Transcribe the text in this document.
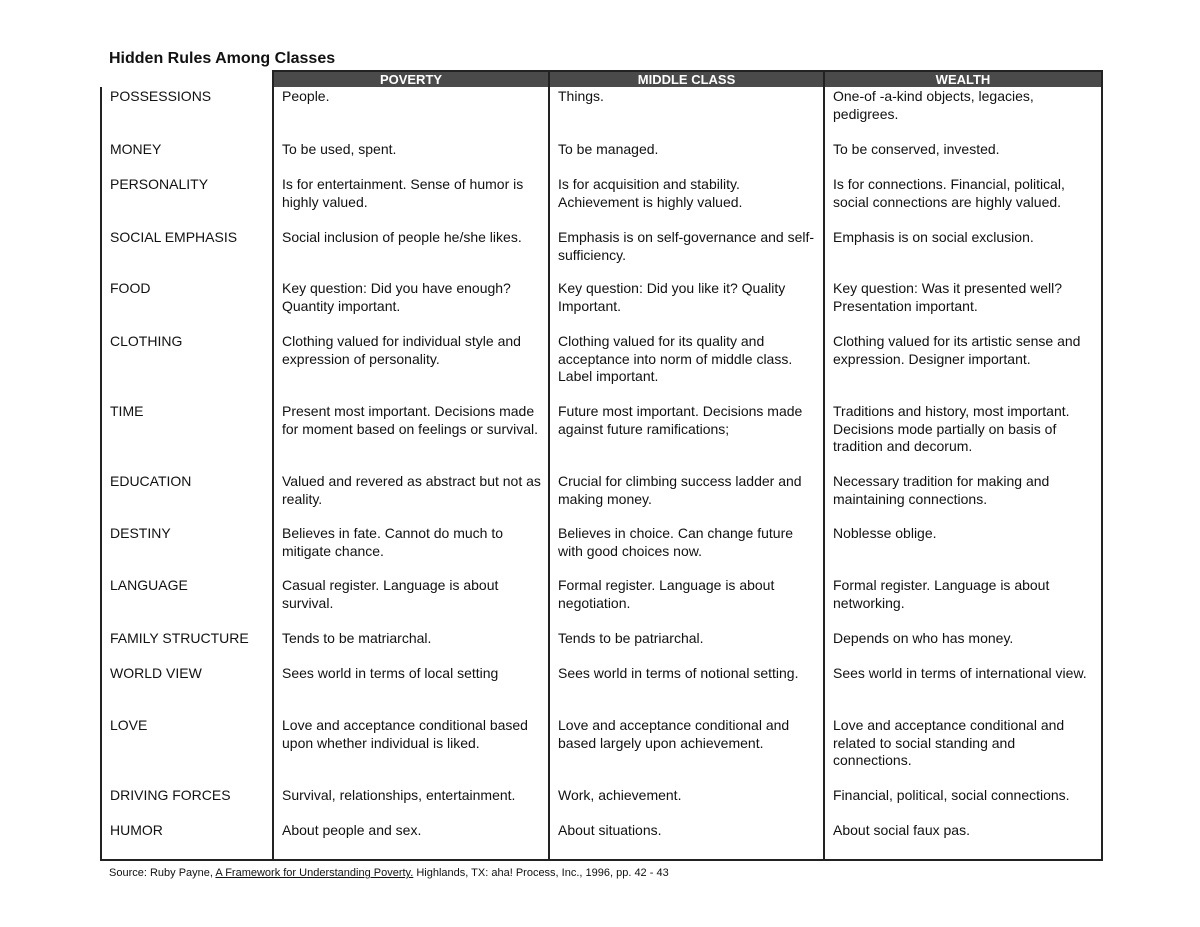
Hidden Rules Among Classes
	POVERTY	MIDDLE CLASS	WEALTH
POSSESSIONS	People.	Things.	One-of -a-kind objects, legacies, pedigrees.
MONEY	To be used, spent.	To be managed.	To be conserved, invested.
PERSONALITY	Is for entertainment. Sense of humor is highly valued.	Is for acquisition and stability. Achievement is highly valued.	Is for connections. Financial, political, social connections are highly valued.
SOCIAL EMPHASIS	Social inclusion of people he/she likes.	Emphasis is on self-governance and self-sufficiency.	Emphasis is on social exclusion.
FOOD	Key question: Did you have enough? Quantity important.	Key question: Did you like it? Quality Important.	Key question: Was it presented well? Presentation important.
CLOTHING	Clothing valued for individual style and expression of personality.	Clothing valued for its quality and acceptance into norm of middle class. Label important.	Clothing valued for its artistic sense and expression. Designer important.
TIME	Present most important. Decisions made for moment based on feelings or survival.	Future most important. Decisions made against future ramifications;	Traditions and history, most important. Decisions mode partially on basis of tradition and decorum.
EDUCATION	Valued and revered as abstract but not as reality.	Crucial for climbing success ladder and making money.	Necessary tradition for making and maintaining connections.
DESTINY	Believes in fate. Cannot do much to mitigate chance.	Believes in choice. Can change future with good choices now.	Noblesse oblige.
LANGUAGE	Casual register. Language is about survival.	Formal register. Language is about negotiation.	Formal register. Language is about networking.
FAMILY STRUCTURE	Tends to be matriarchal.	Tends to be patriarchal.	Depends on who has money.
WORLD VIEW	Sees world in terms of local setting	Sees world in terms of notional setting.	Sees world in terms of international view.
LOVE	Love and acceptance conditional based upon whether individual is liked.	Love and acceptance conditional and based largely upon achievement.	Love and acceptance conditional and related to social standing and connections.
DRIVING FORCES	Survival, relationships, entertainment.	Work, achievement.	Financial, political, social connections.
HUMOR	About people and sex.	About situations.	About social faux pas.

Source: Ruby Payne, A Framework for Understanding Poverty. Highlands, TX: aha! Process, Inc., 1996, pp. 42 - 43
